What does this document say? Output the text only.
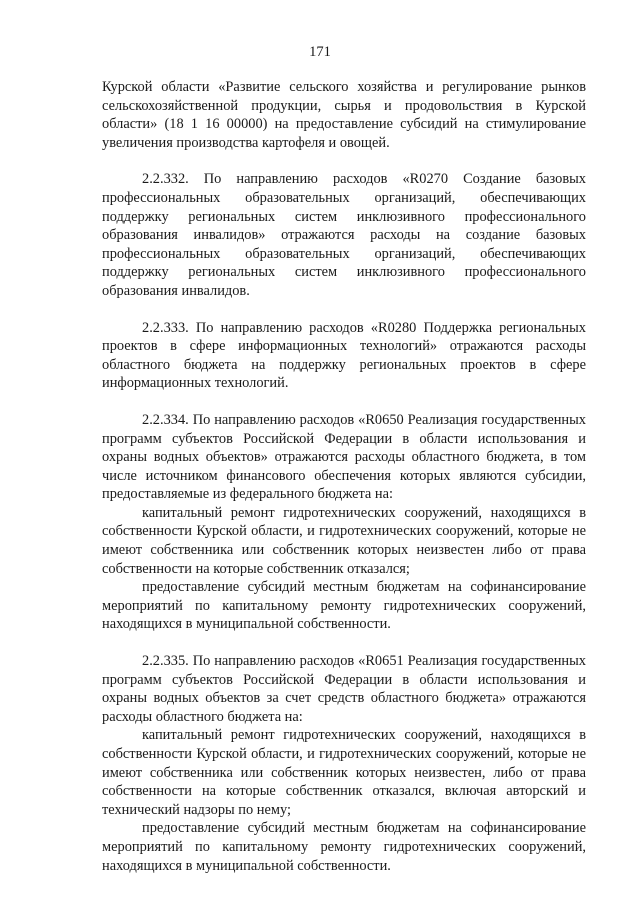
171

Курской области «Развитие сельского хозяйства и регулирование рынков сельскохозяйственной продукции, сырья и продовольствия в Курской области» (18 1 16 00000) на предоставление субсидий на стимулирование увеличения производства картофеля и овощей.

2.2.332. По направлению расходов «R0270 Создание базовых профессиональных образовательных организаций, обеспечивающих поддержку региональных систем инклюзивного профессионального образования инвалидов» отражаются расходы на создание базовых профессиональных образовательных организаций, обеспечивающих поддержку региональных систем инклюзивного профессионального образования инвалидов.

2.2.333. По направлению расходов «R0280 Поддержка региональных проектов в сфере информационных технологий» отражаются расходы областного бюджета на поддержку региональных проектов в сфере информационных технологий.

2.2.334. По направлению расходов «R0650 Реализация государственных программ субъектов Российской Федерации в области использования и охраны водных объектов» отражаются расходы областного бюджета, в том числе источником финансового обеспечения которых являются субсидии, предоставляемые из федерального бюджета на:

капитальный ремонт гидротехнических сооружений, находящихся в собственности Курской области, и гидротехнических сооружений, которые не имеют собственника или собственник которых неизвестен либо от права собственности на которые собственник отказался;

предоставление субсидий местным бюджетам на софинансирование мероприятий по капитальному ремонту гидротехнических сооружений, находящихся в муниципальной собственности.

2.2.335. По направлению расходов «R0651 Реализация государственных программ субъектов Российской Федерации в области использования и охраны водных объектов за счет средств областного бюджета» отражаются расходы областного бюджета на:

капитальный ремонт гидротехнических сооружений, находящихся в собственности Курской области, и гидротехнических сооружений, которые не имеют собственника или собственник которых неизвестен, либо от права собственности на которые собственник отказался, включая авторский и технический надзоры по нему;

предоставление субсидий местным бюджетам на софинансирование мероприятий по капитальному ремонту гидротехнических сооружений, находящихся в муниципальной собственности.
